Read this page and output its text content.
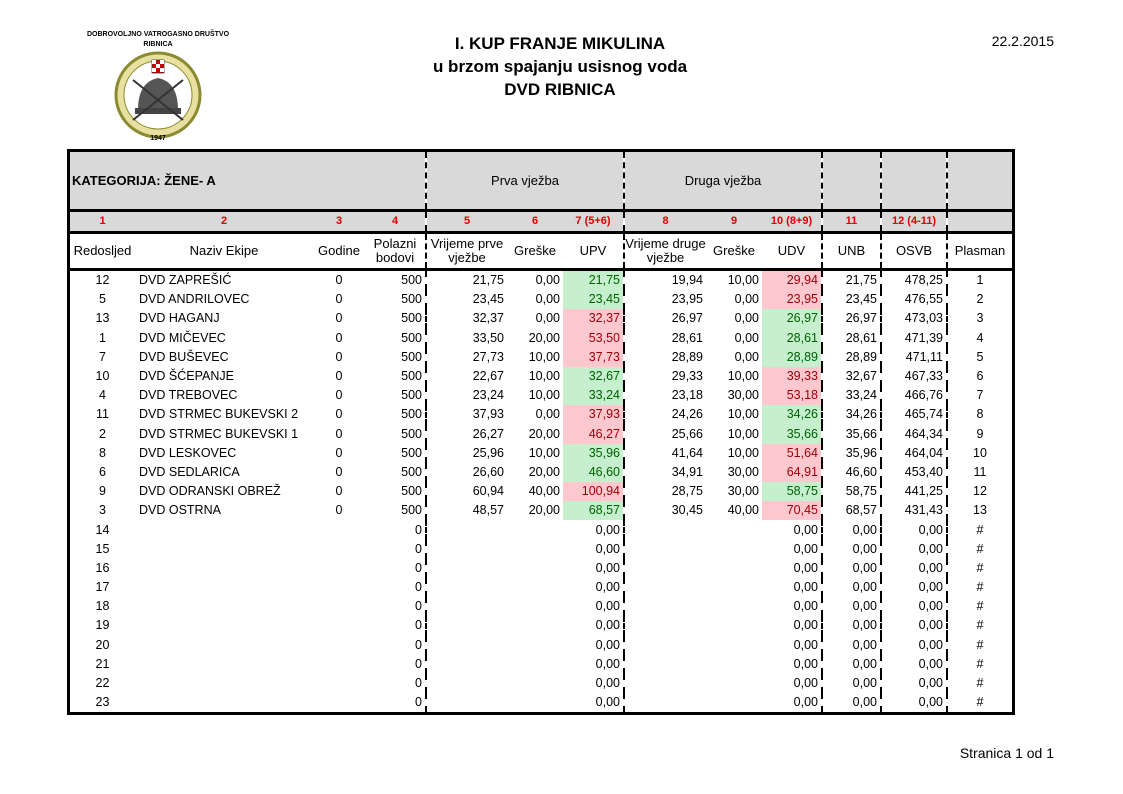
DOBROVOLJNO VATROGASNO DRUŠTVO
RIBNICA
1947
I. KUP FRANJE MIKULINA
u brzom spajanju usisnog voda
DVD RIBNICA
22.2.2015
KATEGORIJA: ŽENE- A				Prva vježba			Druga vježba					
1	2	3	4	5	6	7 (5+6)	8	9	10 (8+9)	11	12 (4-11)	
Redosljed	Naziv Ekipe	Godine	Polazni bodovi	Vrijeme prve vježbe	Greške	UPV	Vrijeme druge vježbe	Greške	UDV	UNB	OSVB	Plasman
12	DVD ZAPREŠIĆ	0	500	21,75	0,00	21,75	19,94	10,00	29,94	21,75	478,25	1
5	DVD ANDRILOVEC	0	500	23,45	0,00	23,45	23,95	0,00	23,95	23,45	476,55	2
13	DVD HAGANJ	0	500	32,37	0,00	32,37	26,97	0,00	26,97	26,97	473,03	3
1	DVD MIČEVEC	0	500	33,50	20,00	53,50	28,61	0,00	28,61	28,61	471,39	4
7	DVD BUŠEVEC	0	500	27,73	10,00	37,73	28,89	0,00	28,89	28,89	471,11	5
10	DVD ŠĆEPANJE	0	500	22,67	10,00	32,67	29,33	10,00	39,33	32,67	467,33	6
4	DVD TREBOVEC	0	500	23,24	10,00	33,24	23,18	30,00	53,18	33,24	466,76	7
11	DVD STRMEC BUKEVSKI 2	0	500	37,93	0,00	37,93	24,26	10,00	34,26	34,26	465,74	8
2	DVD STRMEC BUKEVSKI 1	0	500	26,27	20,00	46,27	25,66	10,00	35,66	35,66	464,34	9
8	DVD LESKOVEC	0	500	25,96	10,00	35,96	41,64	10,00	51,64	35,96	464,04	10
6	DVD SEDLARICA	0	500	26,60	20,00	46,60	34,91	30,00	64,91	46,60	453,40	11
9	DVD ODRANSKI OBREŽ	0	500	60,94	40,00	100,94	28,75	30,00	58,75	58,75	441,25	12
3	DVD OSTRNA	0	500	48,57	20,00	68,57	30,45	40,00	70,45	68,57	431,43	13
14			0			0,00			0,00	0,00	0,00	#
15			0			0,00			0,00	0,00	0,00	#
16			0			0,00			0,00	0,00	0,00	#
17			0			0,00			0,00	0,00	0,00	#
18			0			0,00			0,00	0,00	0,00	#
19			0			0,00			0,00	0,00	0,00	#
20			0			0,00			0,00	0,00	0,00	#
21			0			0,00			0,00	0,00	0,00	#
22			0			0,00			0,00	0,00	0,00	#
23			0			0,00			0,00	0,00	0,00	#
Stranica 1 od 1
